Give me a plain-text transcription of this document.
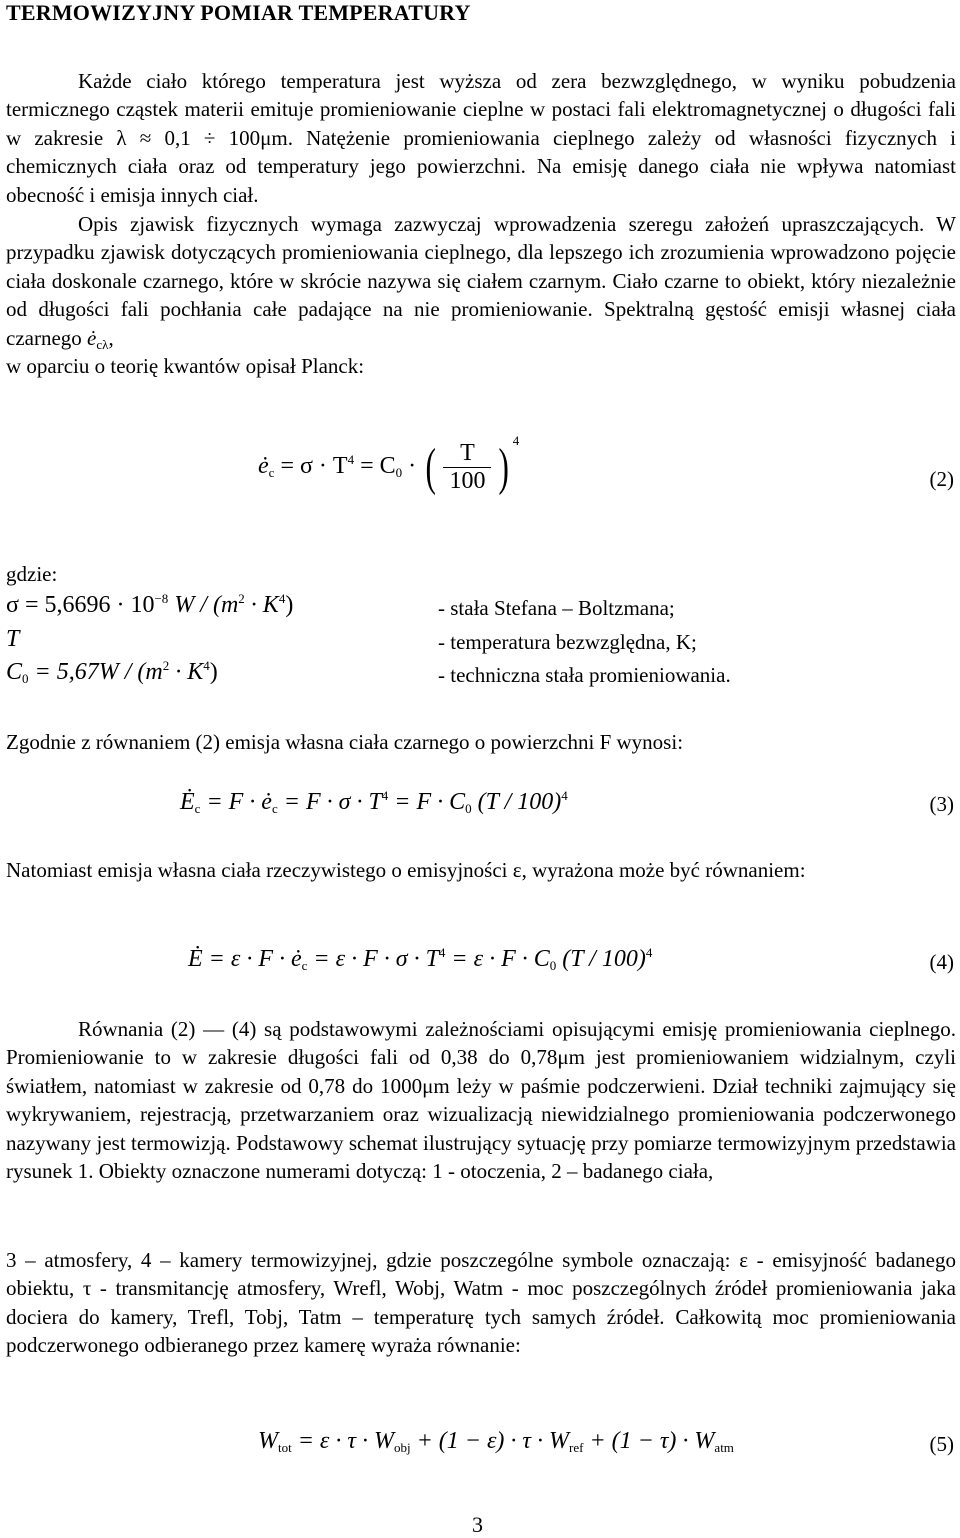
TERMOWIZYJNY POMIAR TEMPERATURY

Każde ciało którego temperatura jest wyższa od zera bezwzględnego, w wyniku pobudzenia termicznego cząstek materii emituje promieniowanie cieplne w postaci fali elektromagnetycznej o długości fali w zakresie λ ≈ 0,1 ÷ 100μm. Natężenie promieniowania cieplnego zależy od własności fizycznych i chemicznych ciała oraz od temperatury jego powierzchni. Na emisję danego ciała nie wpływa natomiast obecność i emisja innych ciał.

Opis zjawisk fizycznych wymaga zazwyczaj wprowadzenia szeregu założeń upraszczających. W przypadku zjawisk dotyczących promieniowania cieplnego, dla lepszego ich zrozumienia wprowadzono pojęcie ciała doskonale czarnego, które w skrócie nazywa się ciałem czarnym. Ciało czarne to obiekt, który niezależnie od długości fali pochłania całe padające na nie promieniowanie. Spektralną gęstość emisji własnej ciała czarnego $ė_{c\lambda}$,
w oparciu o teorię kwantów opisał Planck:

$ė_c = \sigma \cdot T^4 = C_0$ · ( $\frac{T}{100}$ ) $^4$
(2)
gdzie:
$\sigma = 5,6696 \cdot 10^{-8}$ $W / (m^2 \cdot K^4)$	- stała Stefana – Boltzmana;
T	- temperatura bezwzględna, K;
$C_0 = 5,67W / (m^2 \cdot K^4)$	- techniczna stała promieniowania.

Zgodnie z równaniem (2) emisja własna ciała czarnego o powierzchni F wynosi:

$Ė_c = F$ · $ė_c = F \cdot \sigma \cdot T^4 = F \cdot C_0$ (T / 100)$^4$	(3)

Natomiast emisja własna ciała rzeczywistego o emisyjności ε, wyrażona może być równaniem:

Ė = $\varepsilon \cdot F \cdot ė_c = \varepsilon \cdot F \cdot \sigma \cdot T^4 = \varepsilon \cdot F \cdot C_0$ (T / 100)$^4$	(4)

Równania (2) — (4) są podstawowymi zależnościami opisującymi emisję promieniowania cieplnego. Promieniowanie to w zakresie długości fali od 0,38 do 0,78μm jest promieniowaniem widzialnym, czyli światłem, natomiast w zakresie od 0,78 do 1000μm leży w paśmie podczerwieni. Dział techniki zajmujący się wykrywaniem, rejestracją, przetwarzaniem oraz wizualizacją niewidzialnego promieniowania podczerwonego nazywany jest termowizją. Podstawowy schemat ilustrujący sytuację przy pomiarze termowizyjnym przedstawia rysunek 1. Obiekty oznaczone numerami dotyczą: 1 - otoczenia, 2 – badanego ciała,

3 – atmosfery, 4 – kamery termowizyjnej, gdzie poszczególne symbole oznaczają: ε - emisyjność badanego obiektu, τ - transmitancję atmosfery, Wrefl, Wobj, Watm - moc poszczególnych źródeł promieniowania jaka dociera do kamery, Trefl, Tobj, Tatm – temperaturę tych samych źródeł. Całkowitą moc promieniowania podczerwonego odbieranego przez kamerę wyraża równanie:

$W_{tot} = \varepsilon \cdot \tau \cdot W_{obj} + (1 - \varepsilon) \cdot \tau \cdot W_{ref} + (1 - \tau) \cdot W_{atm}$	(5)
3
